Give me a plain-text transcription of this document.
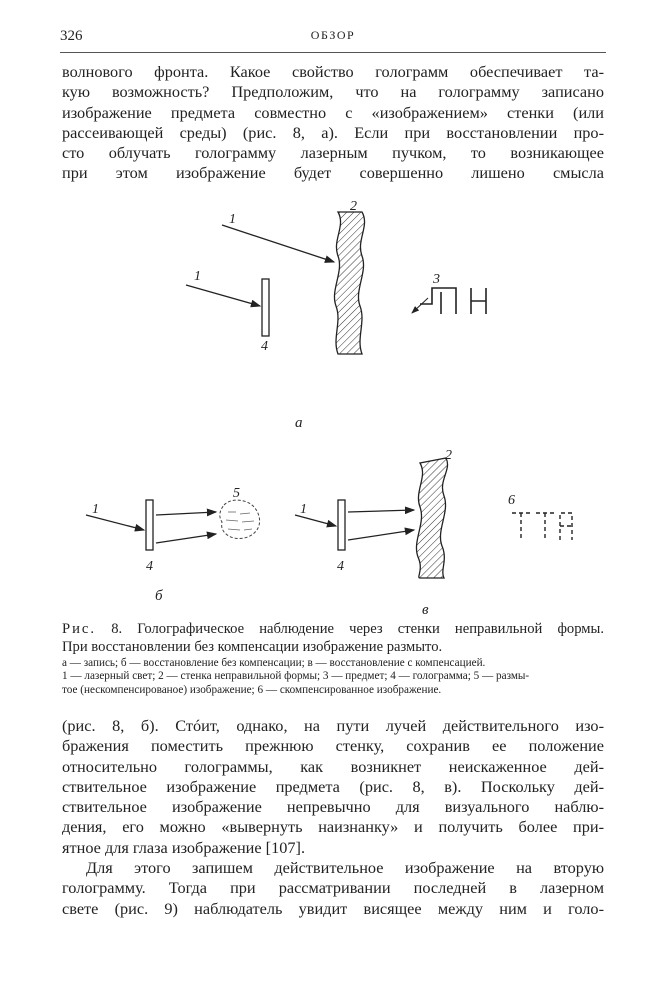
326	ОБЗОР
волнового фронта. Какое свойство голограмм обеспечивает та-
кую возможность? Предположим, что на голограмму записано
изображение предмета совместно с «изображением» стенки (или
рассеивающей среды) (рис. 8, а). Если при восстановлении про-
сто облучать голограмму лазерным пучком, то возникающее
при этом изображение будет совершенно лишено смысла
1
1
4
2
3
а
1
4
5
б
1
4
2
6
в
Рис. 8. Голографическое наблюдение через стенки неправильной формы.
При восстановлении без компенсации изображение размыто.
а — запись; б — восстановление без компенсации; в — восстановление с компенсацией.
1 — лазерный свет; 2 — стенка неправильной формы; 3 — предмет; 4 — голограмма; 5 — размы-
тое (нескомпенсированое) изображение; 6 — скомпенсированное изображение.
(рис. 8, б). Стóит, однако, на пути лучей действительного изо-
бражения поместить прежнюю стенку, сохранив ее положение
относительно голограммы, как возникнет неискаженное дей-
ствительное изображение предмета (рис. 8, в). Поскольку дей-
ствительное изображение непревычно для визуального наблю-
дения, его можно «вывернуть наизнанку» и получить более при-
ятное для глаза изображение [107].
Для этого запишем действительное изображение на вторую
голограмму. Тогда при рассматривании последней в лазерном
свете (рис. 9) наблюдатель увидит висящее между ним и голо-
